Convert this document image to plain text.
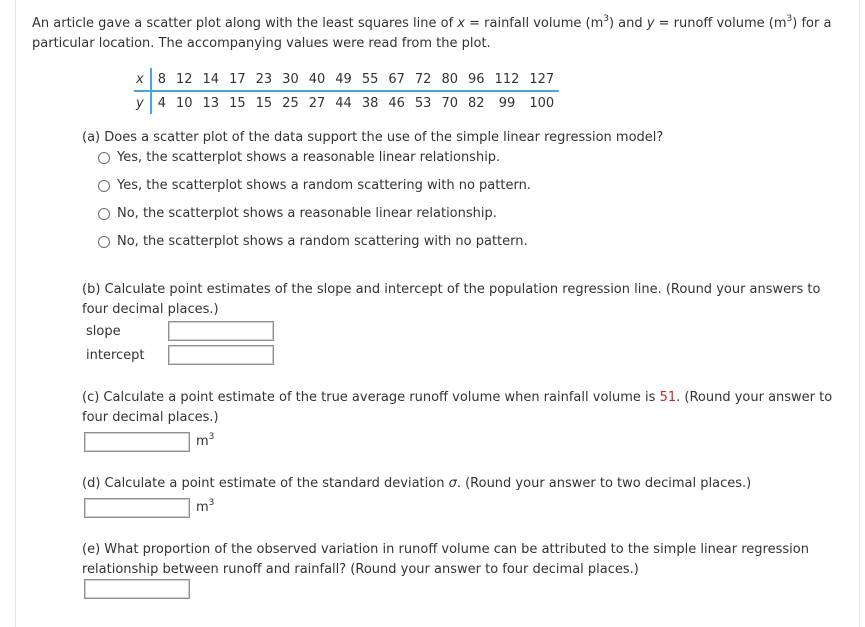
An article gave a scatter plot along with the least squares line of x = rainfall volume $(m^3)$ and y = runoff volume $(m^3)$ for a
particular location. The accompanying values were read from the plot.
x	8	12	14	17	23	30	40	49	55	67	72	80	96	112	127
y	4	10	13	15	15	25	27	44	38	46	53	70	82	99	100
(a) Does a scatter plot of the data support the use of the simple linear regression model?
Yes, the scatterplot shows a reasonable linear relationship.
Yes, the scatterplot shows a random scattering with no pattern.
No, the scatterplot shows a reasonable linear relationship.
No, the scatterplot shows a random scattering with no pattern.
(b) Calculate point estimates of the slope and intercept of the population regression line. (Round your answers to
four decimal places.)
slope
intercept
(c) Calculate a point estimate of the true average runoff volume when rainfall volume is 51. (Round your answer to
four decimal places.)
$m^3$
(d) Calculate a point estimate of the standard deviation σ. (Round your answer to two decimal places.)
$m^3$
(e) What proportion of the observed variation in runoff volume can be attributed to the simple linear regression
relationship between runoff and rainfall? (Round your answer to four decimal places.)
